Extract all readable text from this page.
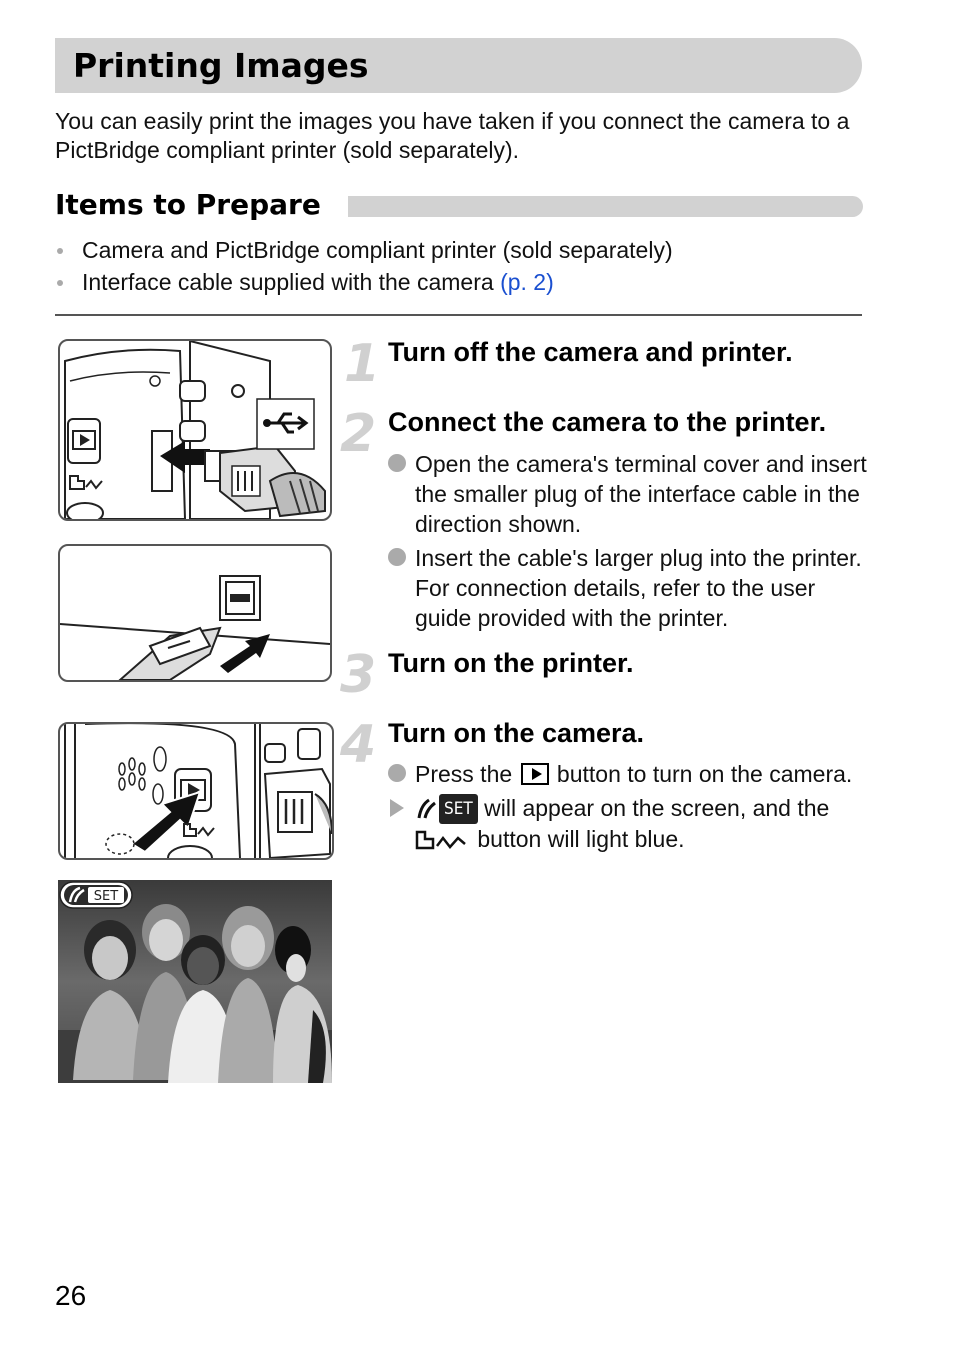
Printing Images

You can easily print the images you have taken if you connect the camera to a PictBridge compliant printer (sold separately).

Items to Prepare
Camera and PictBridge compliant printer (sold separately)
Interface cable supplied with the camera (p. 2)
SET
1 Turn off the camera and printer.
2 Connect the camera to the printer.
Open the camera's terminal cover and insert the smaller plug of the interface cable in the direction shown.
Insert the cable's larger plug into the printer. For connection details, refer to the user guide provided with the printer.
3 Turn on the printer.
4 Turn on the camera.
Press the  button to turn on the camera.
SET will appear on the screen, and the
button will light blue.
26
